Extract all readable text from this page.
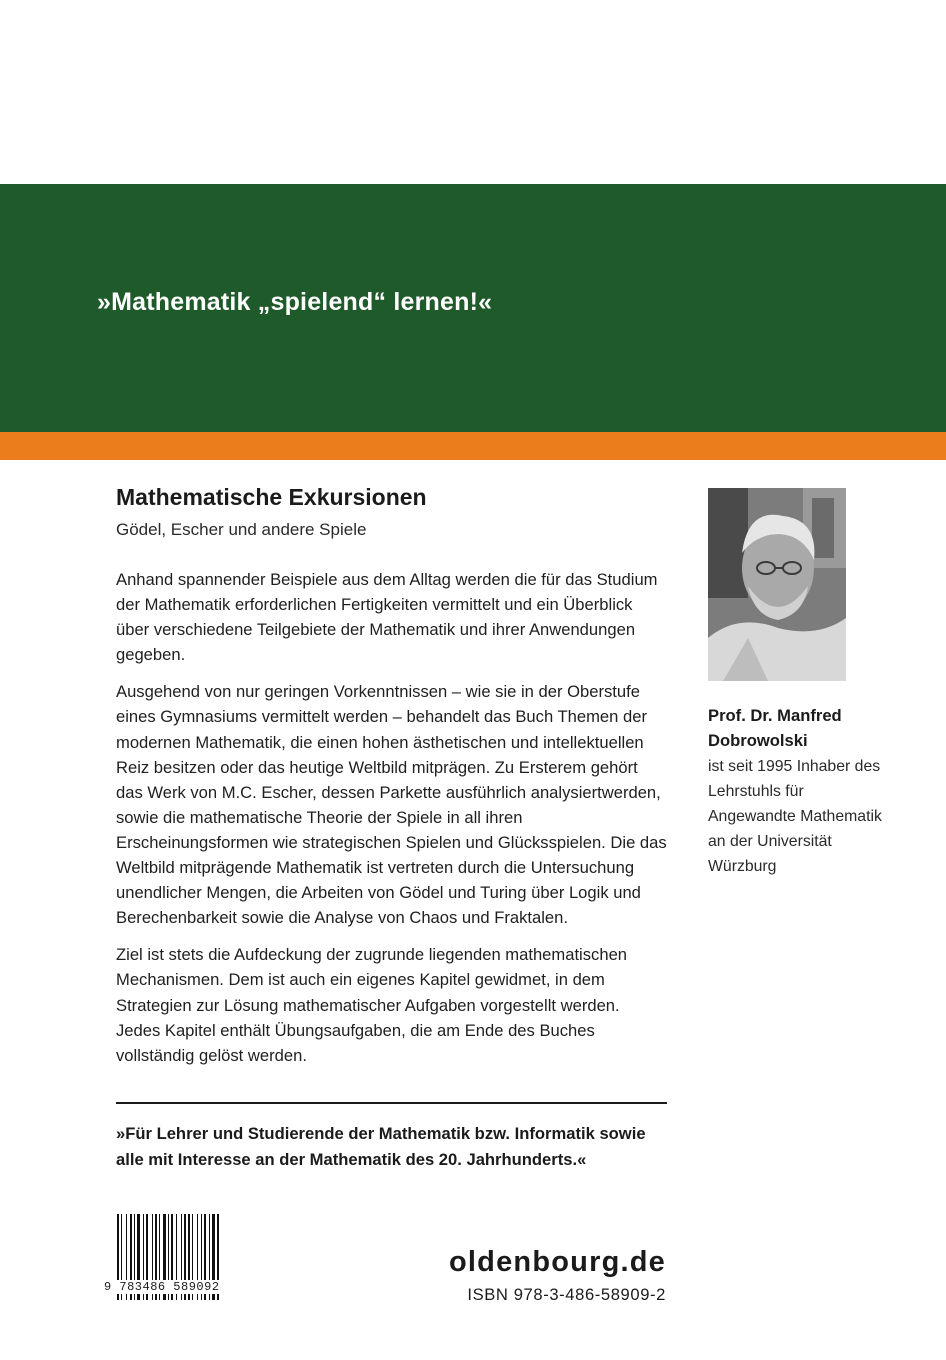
»Mathematik „spielend“ lernen!«
Mathematische Exkursionen

Gödel, Escher und andere Spiele

Anhand spannender Beispiele aus dem Alltag werden die für das Studium der Mathematik erforderlichen Fertigkeiten vermittelt und ein Überblick über verschiedene Teilgebiete der Mathematik und ihrer Anwendungen gegeben.

Ausgehend von nur geringen Vorkenntnissen – wie sie in der Oberstufe eines Gymnasiums vermittelt werden – behandelt das Buch Themen der modernen Mathematik, die einen hohen ästhetischen und intellektuellen Reiz besitzen oder das heutige Weltbild mitprägen. Zu Ersterem gehört das Werk von M.C. Escher, dessen Parkette ausführlich analysiertwerden, sowie die mathematische Theorie der Spiele in all ihren Erscheinungsformen wie strategischen Spielen und Glücksspielen. Die das Weltbild mitprägende Mathematik ist vertreten durch die Untersuchung unendlicher Mengen, die Arbeiten von Gödel und Turing über Logik und Berechenbarkeit sowie die Analyse von Chaos und Fraktalen.

Ziel ist stets die Aufdeckung der zugrunde liegenden mathematischen Mechanismen. Dem ist auch ein eigenes Kapitel gewidmet, in dem Strategien zur Lösung mathematischer Aufgaben vorgestellt werden. Jedes Kapitel enthält Übungsaufgaben, die am Ende des Buches vollständig gelöst werden.

»Für Lehrer und Studierende der Mathematik bzw. Informatik sowie alle mit Interesse an der Mathematik des 20. Jahrhunderts.«

Prof. Dr. Manfred Dobrowolski

ist seit 1995 Inhaber des Lehrstuhls für Angewandte Mathematik an der Universität Würzburg

9 783486 589092

oldenbourg.de

ISBN 978-3-486-58909-2
